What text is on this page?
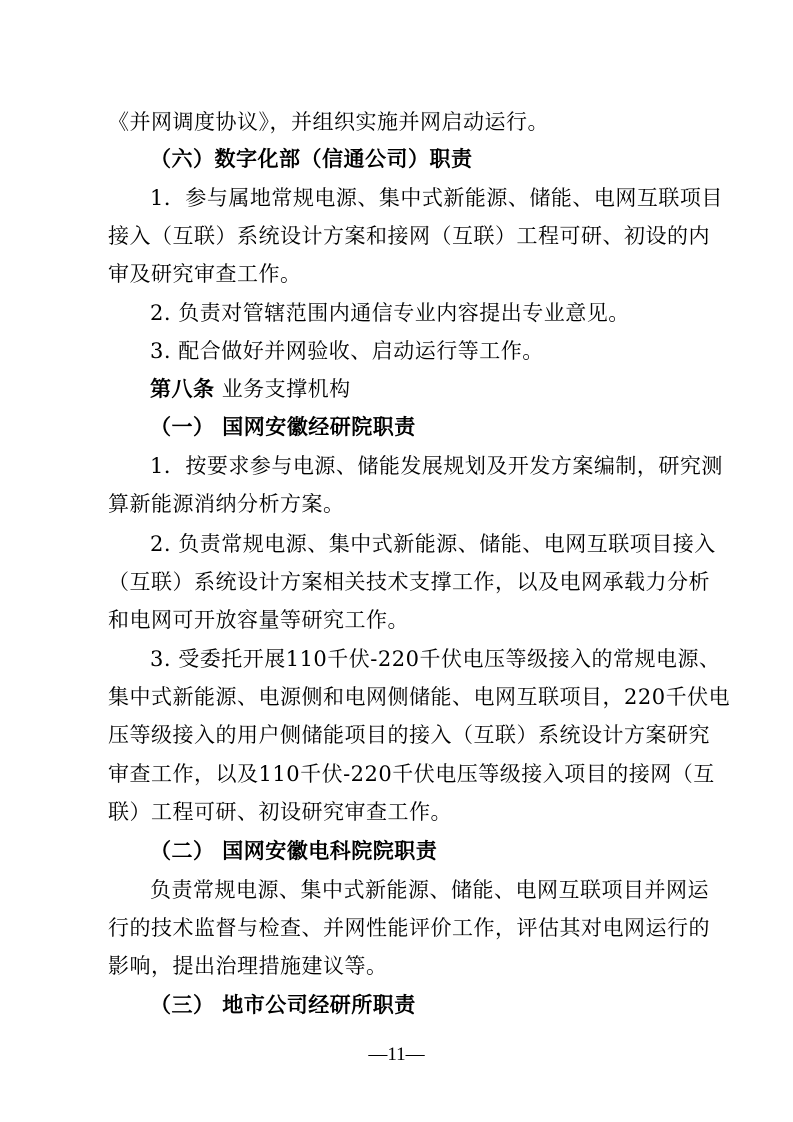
《并网调度协议》，并组织实施并网启动运行。
（六）数字化部（信通公司）职责
1．参与属地常规电源、集中式新能源、储能、电网互联项目
接入（互联）系统设计方案和接网（互联）工程可研、初设的内
审及研究审查工作。
2. 负责对管辖范围内通信专业内容提出专业意见。
3. 配合做好并网验收、启动运行等工作。
第八条 业务支撑机构
（一） 国网安徽经研院职责
1．按要求参与电源、储能发展规划及开发方案编制，研究测
算新能源消纳分析方案。
2. 负责常规电源、集中式新能源、储能、电网互联项目接入
（互联）系统设计方案相关技术支撑工作，以及电网承载力分析
和电网可开放容量等研究工作。
3. 受委托开展110千伏-220千伏电压等级接入的常规电源、
集中式新能源、电源侧和电网侧储能、电网互联项目，220千伏电
压等级接入的用户侧储能项目的接入（互联）系统设计方案研究
审查工作，以及110千伏-220千伏电压等级接入项目的接网（互
联）工程可研、初设研究审查工作。
（二） 国网安徽电科院院职责
负责常规电源、集中式新能源、储能、电网互联项目并网运
行的技术监督与检查、并网性能评价工作，评估其对电网运行的
影响，提出治理措施建议等。
（三） 地市公司经研所职责
—11—
